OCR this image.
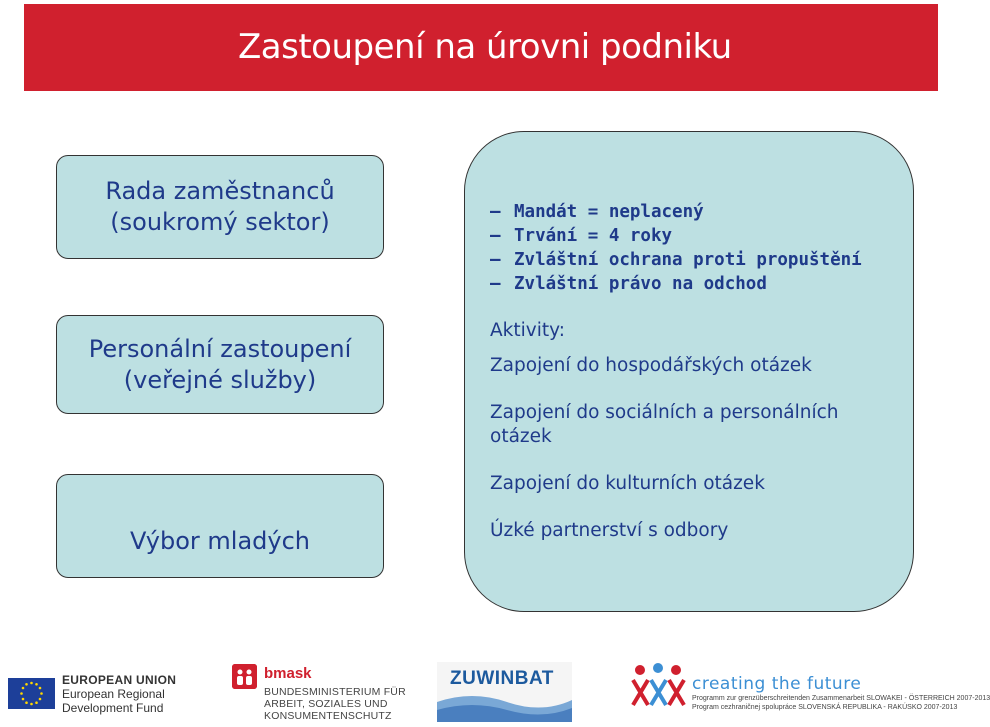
Zastoupení na úrovni podniku
Rada zaměstnanců
(soukromý sektor)
Personální zastoupení
(veřejné služby)
Výbor mladých
– Mandát = neplacený
– Trvání = 4 roky
– Zvláštní ochrana proti propuštění
– Zvláštní právo na odchod
Aktivity:
Zapojení do hospodářských otázek
Zapojení do sociálních a personálních
otázek
Zapojení do kulturních otázek
Úzké partnerství s odbory
EUROPEAN UNION
European Regional
Development Fund
bmask
BUNDESMINISTERIUM FÜR
ARBEIT, SOZIALES UND
KONSUMENTENSCHUTZ
ZUWINBAT	creating the future
Programm zur grenzüberschreitenden Zusammenarbeit SLOWAKEI - ÖSTERREICH 2007-2013
Program cezhraničnej spolupráce SLOVENSKÁ REPUBLIKA - RAKÚSKO 2007-2013
